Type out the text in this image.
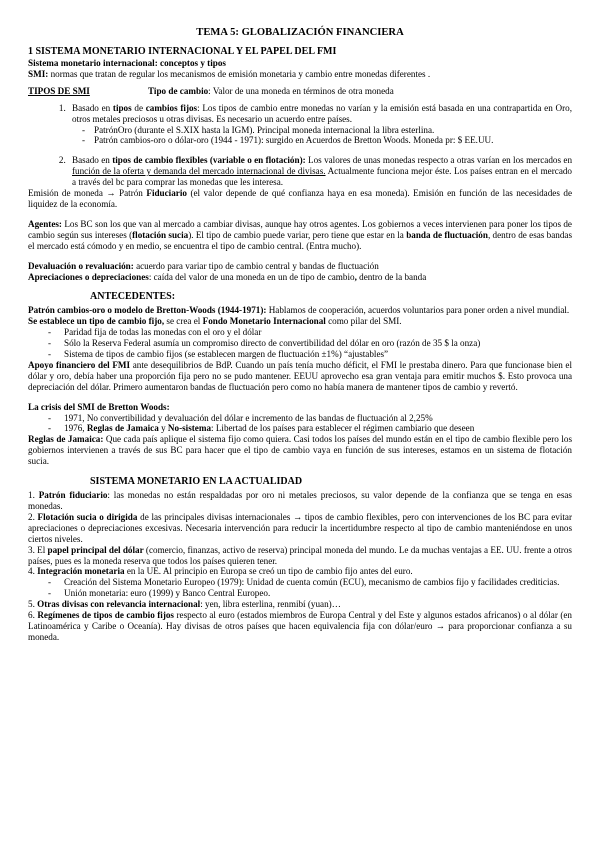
TEMA 5: GLOBALIZACIÓN FINANCIERA

1 SISTEMA MONETARIO INTERNACIONAL Y EL PAPEL DEL FMI

Sistema monetario internacional: conceptos y tipos

SMI: normas que tratan de regular los mecanismos de emisión monetaria y cambio entre monedas diferentes .

TIPOS DE SMI	Tipo de cambio: Valor de una moneda en términos de otra moneda

1. Basado en tipos de cambios fijos: Los tipos de cambio entre monedas no varían y la emisión está basada en una contrapartida en Oro, otros metales preciosos u otras divisas. Es necesario un acuerdo entre países.
- PatrónOro (durante el S.XIX hasta la IGM). Principal moneda internacional la libra esterlina.
- Patrón cambios-oro o dólar-oro (1944 - 1971): surgido en Acuerdos de Bretton Woods. Moneda pr: $ EE.UU.
2. Basado en tipos de cambio flexibles (variable o en flotación): Los valores de unas monedas respecto a otras varían en los mercados en función de la oferta y demanda del mercado internacional de divisas. Actualmente funciona mejor éste. Los países entran en el mercado a través del bc para comprar las monedas que les interesa.

Emisión de moneda → Patrón Fiduciario (el valor depende de qué confianza haya en esa moneda). Emisión en función de las necesidades de liquidez de la economía.

Agentes: Los BC son los que van al mercado a cambiar divisas, aunque hay otros agentes. Los gobiernos a veces intervienen para poner los tipos de cambio según sus intereses (flotación sucia). El tipo de cambio puede variar, pero tiene que estar en la banda de fluctuación, dentro de esas bandas el mercado está cómodo y en medio, se encuentra el tipo de cambio central. (Entra mucho).

Devaluación o revaluación: acuerdo para variar tipo de cambio central y bandas de fluctuación

Apreciaciones o depreciaciones: caída del valor de una moneda en un de tipo de cambio, dentro de la banda

ANTECEDENTES:

Patrón cambios-oro o modelo de Bretton-Woods (1944-1971): Hablamos de cooperación, acuerdos voluntarios para poner orden a nivel mundial.

Se establece un tipo de cambio fijo, se crea el Fondo Monetario Internacional como pilar del SMI.

- Paridad fija de todas las monedas con el oro y el dólar
- Sólo la Reserva Federal asumía un compromiso directo de convertibilidad del dólar en oro (razón de 35 $ la onza)
- Sistema de tipos de cambio fijos (se establecen margen de fluctuación ±1%) “ajustables”

Apoyo financiero del FMI ante desequilibrios de BdP. Cuando un país tenía mucho déficit, el FMI le prestaba dinero. Para que funcionase bien el dólar y oro, debía haber una proporción fija pero no se pudo mantener. EEUU aprovecho esa gran ventaja para emitir muchos $. Esto provoca una depreciación del dólar. Primero aumentaron bandas de fluctuación pero como no había manera de mantener tipos de cambio y revertó.

La crisis del SMI de Bretton Woods:

- 1971, No convertibilidad y devaluación del dólar e incremento de las bandas de fluctuación al 2,25%
- 1976, Reglas de Jamaica y No-sistema: Libertad de los países para establecer el régimen cambiario que deseen

Reglas de Jamaica: Que cada país aplique el sistema fijo como quiera. Casi todos los países del mundo están en el tipo de cambio flexible pero los gobiernos intervienen a través de sus BC para hacer que el tipo de cambio vaya en función de sus intereses, estamos en un sistema de flotación sucia.

SISTEMA MONETARIO EN LA ACTUALIDAD

1. Patrón fiduciario: las monedas no están respaldadas por oro ni metales preciosos, su valor depende de la confianza que se tenga en esas monedas.

2. Flotación sucia o dirigida de las principales divisas internacionales → tipos de cambio flexibles, pero con intervenciones de los BC para evitar apreciaciones o depreciaciones excesivas. Necesaria intervención para reducir la incertidumbre respecto al tipo de cambio manteniéndose en unos ciertos niveles.

3. El papel principal del dólar (comercio, finanzas, activo de reserva) principal moneda del mundo. Le da muchas ventajas a EE. UU. frente a otros países, pues es la moneda reserva que todos los países quieren tener.

4. Integración monetaria en la UE. Al principio en Europa se creó un tipo de cambio fijo antes del euro.

- Creación del Sistema Monetario Europeo (1979): Unidad de cuenta común (ECU), mecanismo de cambios fijo y facilidades crediticias.
- Unión monetaria: euro (1999) y Banco Central Europeo.

5. Otras divisas con relevancia internacional: yen, libra esterlina, renmibí (yuan)…

6. Regímenes de tipos de cambio fijos respecto al euro (estados miembros de Europa Central y del Este y algunos estados africanos) o al dólar (en Latinoamérica y Caribe o Oceanía). Hay divisas de otros países que hacen equivalencia fija con dólar/euro → para proporcionar confianza a su moneda.
